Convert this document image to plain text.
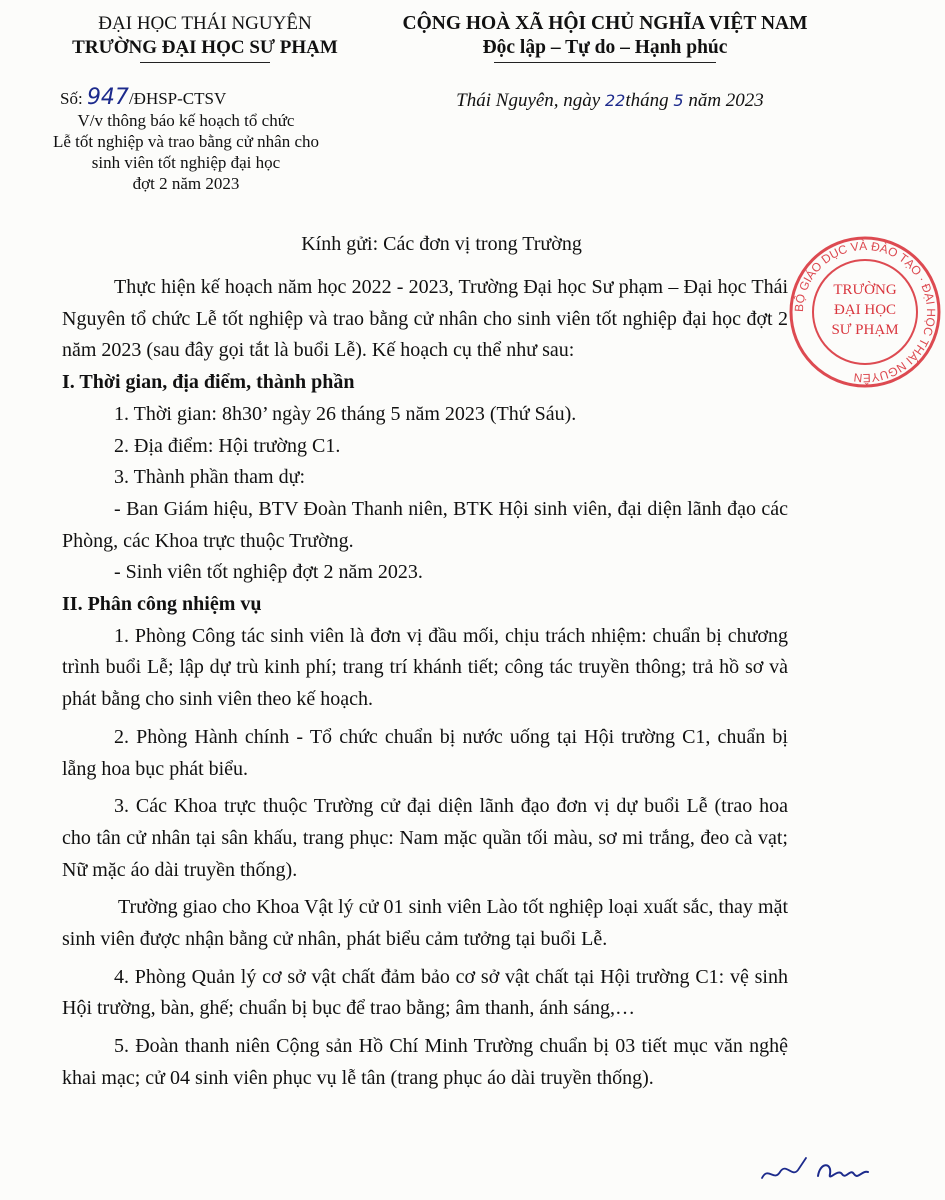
ĐẠI HỌC THÁI NGUYÊN
TRƯỜNG ĐẠI HỌC SƯ PHẠM
CỘNG HOÀ XÃ HỘI CHỦ NGHĨA VIỆT NAM
Độc lập – Tự do – Hạnh phúc
Số: 947/ĐHSP-CTSV
V/v thông báo kế hoạch tổ chức
Lễ tốt nghiệp và trao bằng cử nhân cho
sinh viên tốt nghiệp đại học
đợt 2 năm 2023
Thái Nguyên, ngày 22tháng 5 năm 2023
Kính gửi: Các đơn vị trong Trường

Thực hiện kế hoạch năm học 2022 - 2023, Trường Đại học Sư phạm – Đại học Thái Nguyên tổ chức Lễ tốt nghiệp và trao bằng cử nhân cho sinh viên tốt nghiệp đại học đợt 2 năm 2023 (sau đây gọi tắt là buổi Lễ). Kế hoạch cụ thể như sau:

I. Thời gian, địa điểm, thành phần

1. Thời gian: 8h30’ ngày 26 tháng 5 năm 2023 (Thứ Sáu).

2. Địa điểm: Hội trường C1.

3. Thành phần tham dự:

- Ban Giám hiệu, BTV Đoàn Thanh niên, BTK Hội sinh viên, đại diện lãnh đạo các Phòng, các Khoa trực thuộc Trường.

- Sinh viên tốt nghiệp đợt 2 năm 2023.

II. Phân công nhiệm vụ

1. Phòng Công tác sinh viên là đơn vị đầu mối, chịu trách nhiệm: chuẩn bị chương trình buổi Lễ; lập dự trù kinh phí; trang trí khánh tiết; công tác truyền thông; trả hồ sơ và phát bằng cho sinh viên theo kế hoạch.

2. Phòng Hành chính - Tổ chức chuẩn bị nước uống tại Hội trường C1, chuẩn bị lẵng hoa bục phát biểu.

3. Các Khoa trực thuộc Trường cử đại diện lãnh đạo đơn vị dự buổi Lễ (trao hoa cho tân cử nhân tại sân khấu, trang phục: Nam mặc quần tối màu, sơ mi trắng, đeo cà vạt; Nữ mặc áo dài truyền thống).

Trường giao cho Khoa Vật lý cử 01 sinh viên Lào tốt nghiệp loại xuất sắc, thay mặt sinh viên được nhận bằng cử nhân, phát biểu cảm tưởng tại buổi Lễ.

4. Phòng Quản lý cơ sở vật chất đảm bảo cơ sở vật chất tại Hội trường C1: vệ sinh Hội trường, bàn, ghế; chuẩn bị bục để trao bằng; âm thanh, ánh sáng,…

5. Đoàn thanh niên Cộng sản Hồ Chí Minh Trường chuẩn bị 03 tiết mục văn nghệ khai mạc; cử 04 sinh viên phục vụ lễ tân (trang phục áo dài truyền thống).

BỘ GIÁO DỤC VÀ ĐÀO TẠO · ĐẠI HỌC THÁI NGUYÊN
TRƯỜNG
ĐẠI HỌC
SƯ PHẠM
